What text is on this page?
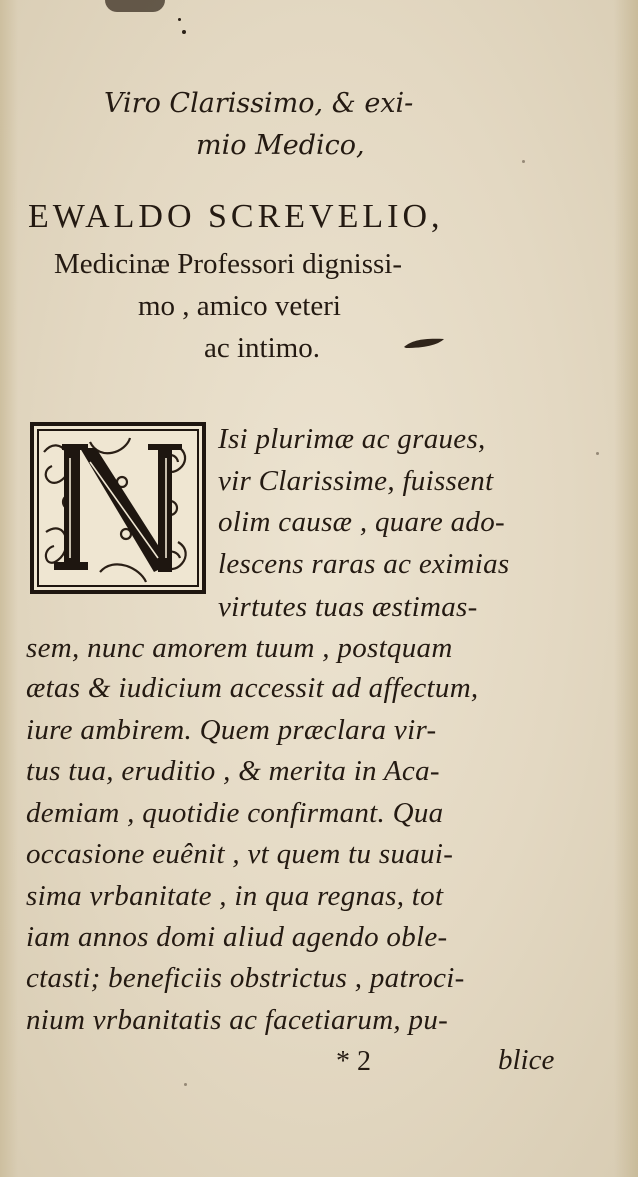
Viro Clarissimo, & exi-
mio Medico,
EWALDO SCREVELIO,
Medicinæ Professori dignissi-
mo , amico veteri
ac intimo.
Isi plurimæ ac graues,
vir Clarissime, fuissent
olim causæ , quare ado-
lescens raras ac eximias
virtutes tuas æstimas-
sem, nunc amorem tuum , postquam
ætas & iudicium accessit ad affectum,
iure ambirem. Quem præclara vir-
tus tua, eruditio , & merita in Aca-
demiam , quotidie confirmant. Qua
occasione euênit , vt quem tu suaui-
sima vrbanitate , in qua regnas, tot
iam annos domi aliud agendo oble-
ctasti; beneficiis obstrictus , patroci-
nium vrbanitatis ac facetiarum, pu-
* 2	blice
